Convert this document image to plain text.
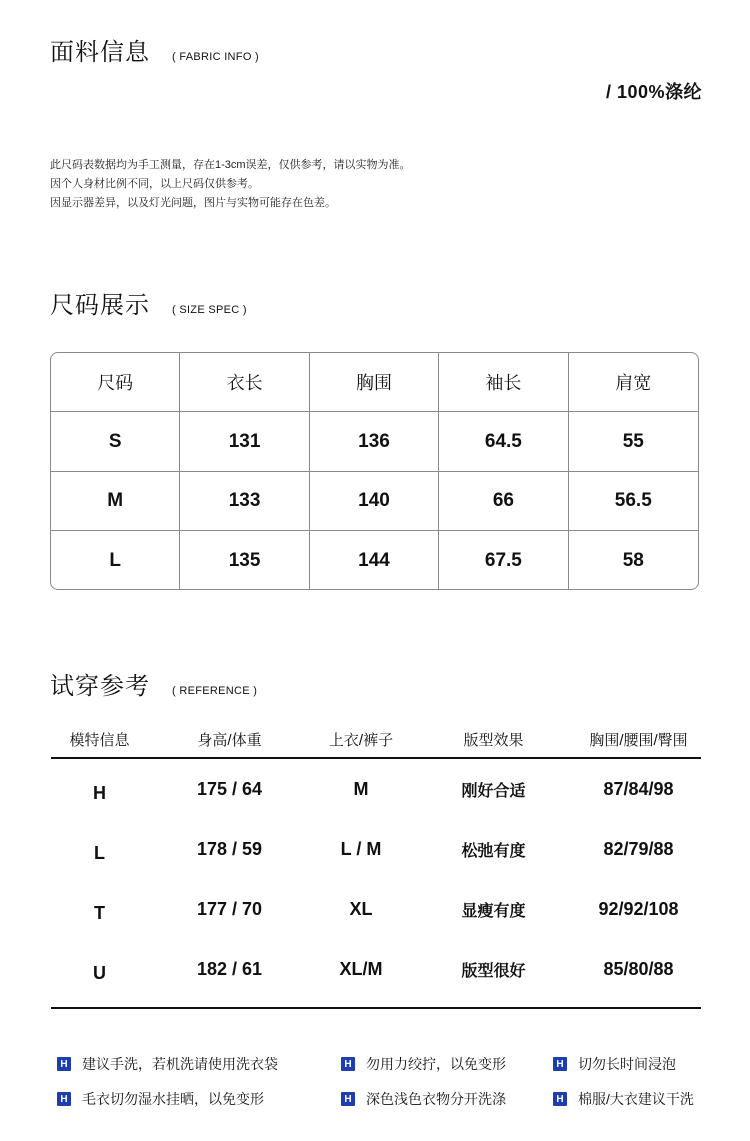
面料信息 ( FABRIC INFO )
/ 100%涤纶
此尺码表数据均为手工测量，存在1-3cm误差，仅供参考，请以实物为准。
因个人身材比例不同，以上尺码仅供参考。
因显示器差异，以及灯光问题，图片与实物可能存在色差。
尺码展示 ( SIZE SPEC )
尺码	衣长	胸围	袖长	肩宽
S	131	136	64.5	55
M	133	140	66	56.5
L	135	144	67.5	58
试穿参考 ( REFERENCE )
模特信息	身高/体重	上衣/裤子	版型效果	胸围/腰围/臀围
H	175 / 64	M	刚好合适	87/84/98
L	178 / 59	L / M	松弛有度	82/79/88
T	177 / 70	XL	显瘦有度	92/92/108
U	182 / 61	XL/M	版型很好	85/80/88
H 建议手洗，若机洗请使用洗衣袋	H 勿用力绞拧，以免变形	H 切勿长时间浸泡
H 毛衣切勿湿水挂晒，以免变形	H 深色浅色衣物分开洗涤	H 棉服/大衣建议干洗
